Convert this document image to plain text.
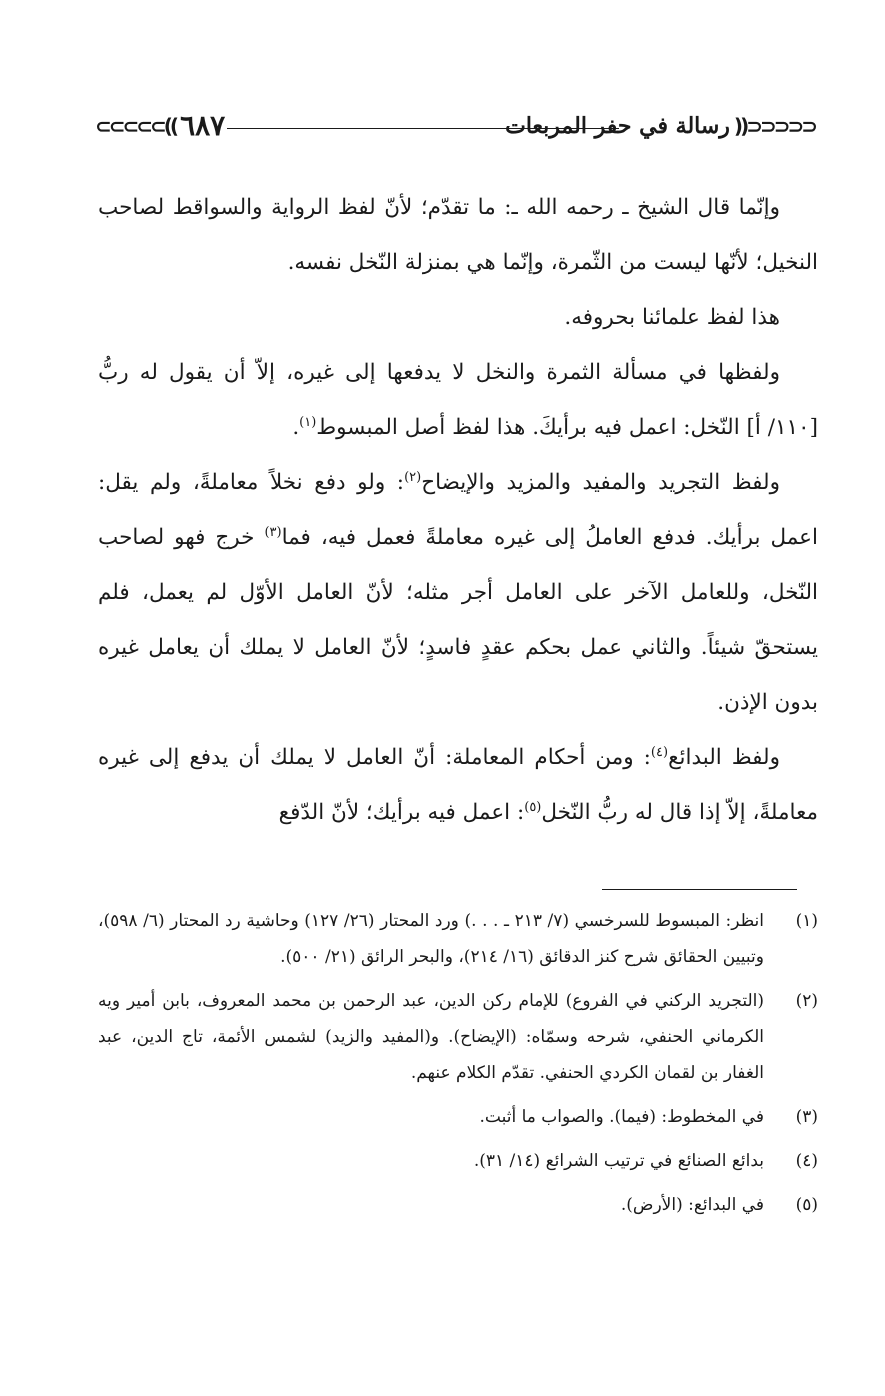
⊂⊂⊂⊂⊂(( ٦٨٧	رسالة في حفر المربعات ))⊃⊃⊃⊃⊃

وإنّما قال الشيخ ـ رحمه الله ـ: ما تقدّم؛ لأنّ لفظ الرواية والسواقط لصاحب النخيل؛ لأنّها ليست من الثّمرة، وإنّما هي بمنزلة النّخل نفسه.

هذا لفظ علمائنا بحروفه.

ولفظها في مسألة الثمرة والنخل لا يدفعها إلى غيره، إلاّ أن يقول له ربُّ [١١٠/ أ] النّخل: اعمل فيه برأيكَ. هذا لفظ أصل المبسوط$^{(١)}$.

ولفظ التجريد والمفيد والمزيد والإيضاح$^{(٢)}$: ولو دفع نخلاً معاملةً، ولم يقل: اعمل برأيك. فدفع العاملُ إلى غيره معاملةً فعمل فيه، فما$^{(٣)}$ خرج فهو لصاحب النّخل، وللعامل الآخر على العامل أجر مثله؛ لأنّ العامل الأوّل لم يعمل، فلم يستحقّ شيئاً. والثاني عمل بحكم عقدٍ فاسدٍ؛ لأنّ العامل لا يملك أن يعامل غيره بدون الإذن.

ولفظ البدائع$^{(٤)}$: ومن أحكام المعاملة: أنّ العامل لا يملك أن يدفع إلى غيره معاملةً، إلاّ إذا قال له ربُّ النّخل$^{(٥)}$: اعمل فيه برأيك؛ لأنّ الدّفع

(١)
انظر: المبسوط للسرخسي (٧/ ٢١٣ ـ . . .) ورد المحتار (٢٦/ ١٢٧) وحاشية رد المحتار (٦/ ٥٩٨)، وتبيين الحقائق شرح كنز الدقائق (١٦/ ٢١٤)، والبحر الرائق (٢١/ ٥٠٠).
(٢)
(التجريد الركني في الفروع) للإمام ركن الدين، عبد الرحمن بن محمد المعروف، بابن أمير ويه الكرماني الحنفي، شرحه وسمّاه: (الإيضاح). و(المفيد والزيد) لشمس الأئمة، تاج الدين، عبد الغفار بن لقمان الكردي الحنفي. تقدّم الكلام عنهم.
(٣)
في المخطوط: (فيما). والصواب ما أثبت.
(٤)
بدائع الصنائع في ترتيب الشرائع (١٤/ ٣١).
(٥)
في البدائع: (الأرض).
